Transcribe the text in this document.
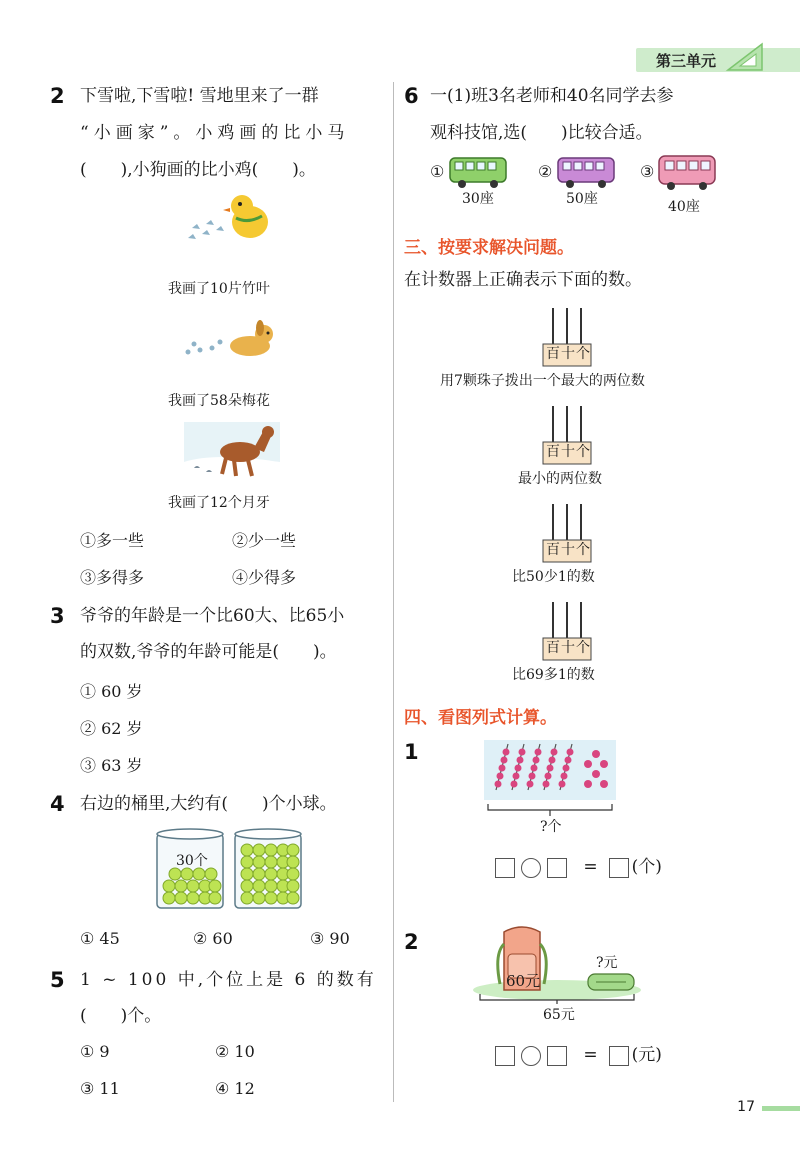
第三单元
2 下雪啦,下雪啦! 雪地里来了一群
“小画家”。小鸡画的比小马
(　　),小狗画的比小鸡(　　)。
我画了10片竹叶
我画了58朵梅花
我画了12个月牙
①多一些	②少一些
③多得多	④少得多
3 爷爷的年龄是一个比60大、比65小
的双数,爷爷的年龄可能是(　　)。
① 60 岁
② 62 岁
③ 63 岁
4 右边的桶里,大约有(　　)个小球。
30个
① 45	② 60	③ 90
5 1 ~ 100 中,个位上是 6 的数有
(　　)个。
① 9	② 10
③ 11	④ 12
6 一(1)班3名老师和40名同学去参
观科技馆,选(　　)比较合适。
①
30座
②
50座
③
40座
三、按要求解决问题。
在计数器上正确表示下面的数。
百十个
用7颗珠子拨出一个最大的两位数
百十个
最小的两位数
百十个
比50少1的数
百十个
比69多1的数
四、看图列式计算。
1
?个
= (个)
2
60元
?元
65元
= (元)
17
